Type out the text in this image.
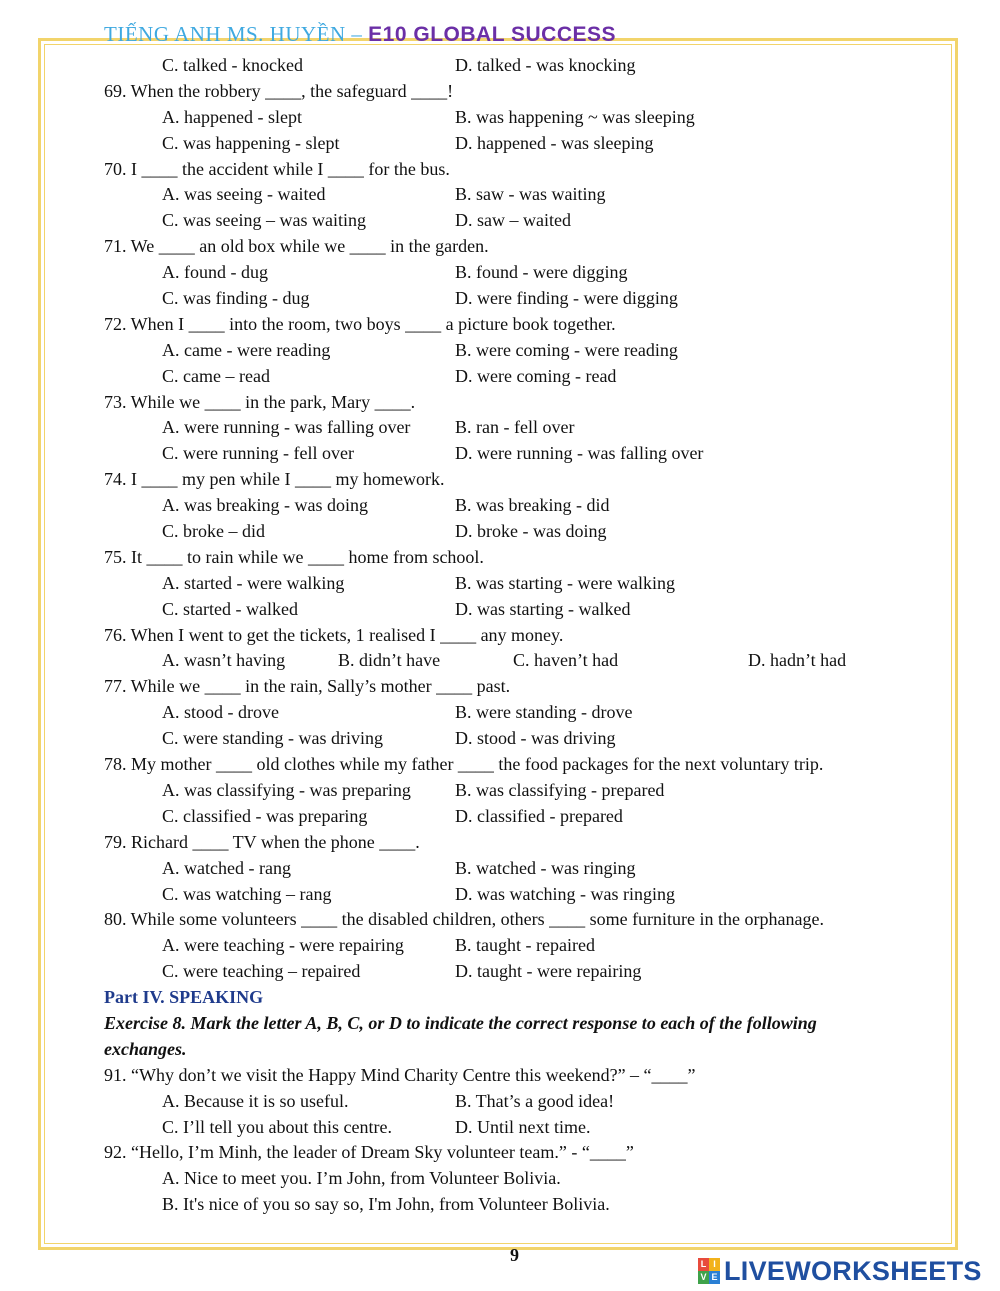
TIẾNG ANH MS. HUYỀN – E10 GLOBAL SUCCESS
C. talked - knocked	D. talked - was knocking
69. When the robbery ____, the safeguard ____!
A. happened - slept	B. was happening ~ was sleeping
C. was happening - slept	D. happened - was sleeping
70. I ____ the accident while I ____ for the bus.
A. was seeing - waited	B. saw - was waiting
C. was seeing – was waiting	D. saw – waited
71. We ____ an old box while we ____ in the garden.
A. found - dug	B. found - were digging
C. was finding - dug	D. were finding - were digging
72. When I ____ into the room, two boys ____ a picture book together.
A. came - were reading	B. were coming - were reading
C. came – read	D. were coming - read
73. While we ____ in the park, Mary ____.
A. were running - was falling over B. ran - fell over
C. were running - fell over	D. were running - was falling over
74. I ____ my pen while I ____ my homework.
A. was breaking - was doing	B. was breaking - did
C. broke – did	D. broke - was doing
75. It ____ to rain while we ____ home from school.
A. started - were walking	B. was starting - were walking
C. started - walked	D. was starting - walked
76. When I went to get the tickets, 1 realised I ____ any money.
A. wasn’t having	B. didn’t have	C. haven’t had	D. hadn’t had
77. While we ____ in the rain, Sally’s mother ____ past.
A. stood - drove	B. were standing - drove
C. were standing - was driving	D. stood - was driving
78. My mother ____ old clothes while my father ____ the food packages for the next voluntary trip.
A. was classifying - was preparing B. was classifying - prepared
C. classified - was preparing	D. classified - prepared
79. Richard ____ TV when the phone ____.
A. watched - rang	B. watched - was ringing
C. was watching – rang	D. was watching - was ringing
80. While some volunteers ____ the disabled children, others ____ some furniture in the orphanage.
A. were teaching - were repairing	B. taught - repaired
C. were teaching – repaired	D. taught - were repairing
Part IV. SPEAKING
Exercise 8. Mark the letter A, B, C, or D to indicate the correct response to each of the following
exchanges.
91. “Why don’t we visit the Happy Mind Charity Centre this weekend?” – “____”
A. Because it is so useful.	B. That’s a good idea!
C. I’ll tell you about this centre.	D. Until next time.
92. “Hello, I’m Minh, the leader of Dream Sky volunteer team.” - “____”
A. Nice to meet you. I’m John, from Volunteer Bolivia.
B. It's nice of you so say so, I'm John, from Volunteer Bolivia.
9	L I
V E LIVEWORKSHEETS
